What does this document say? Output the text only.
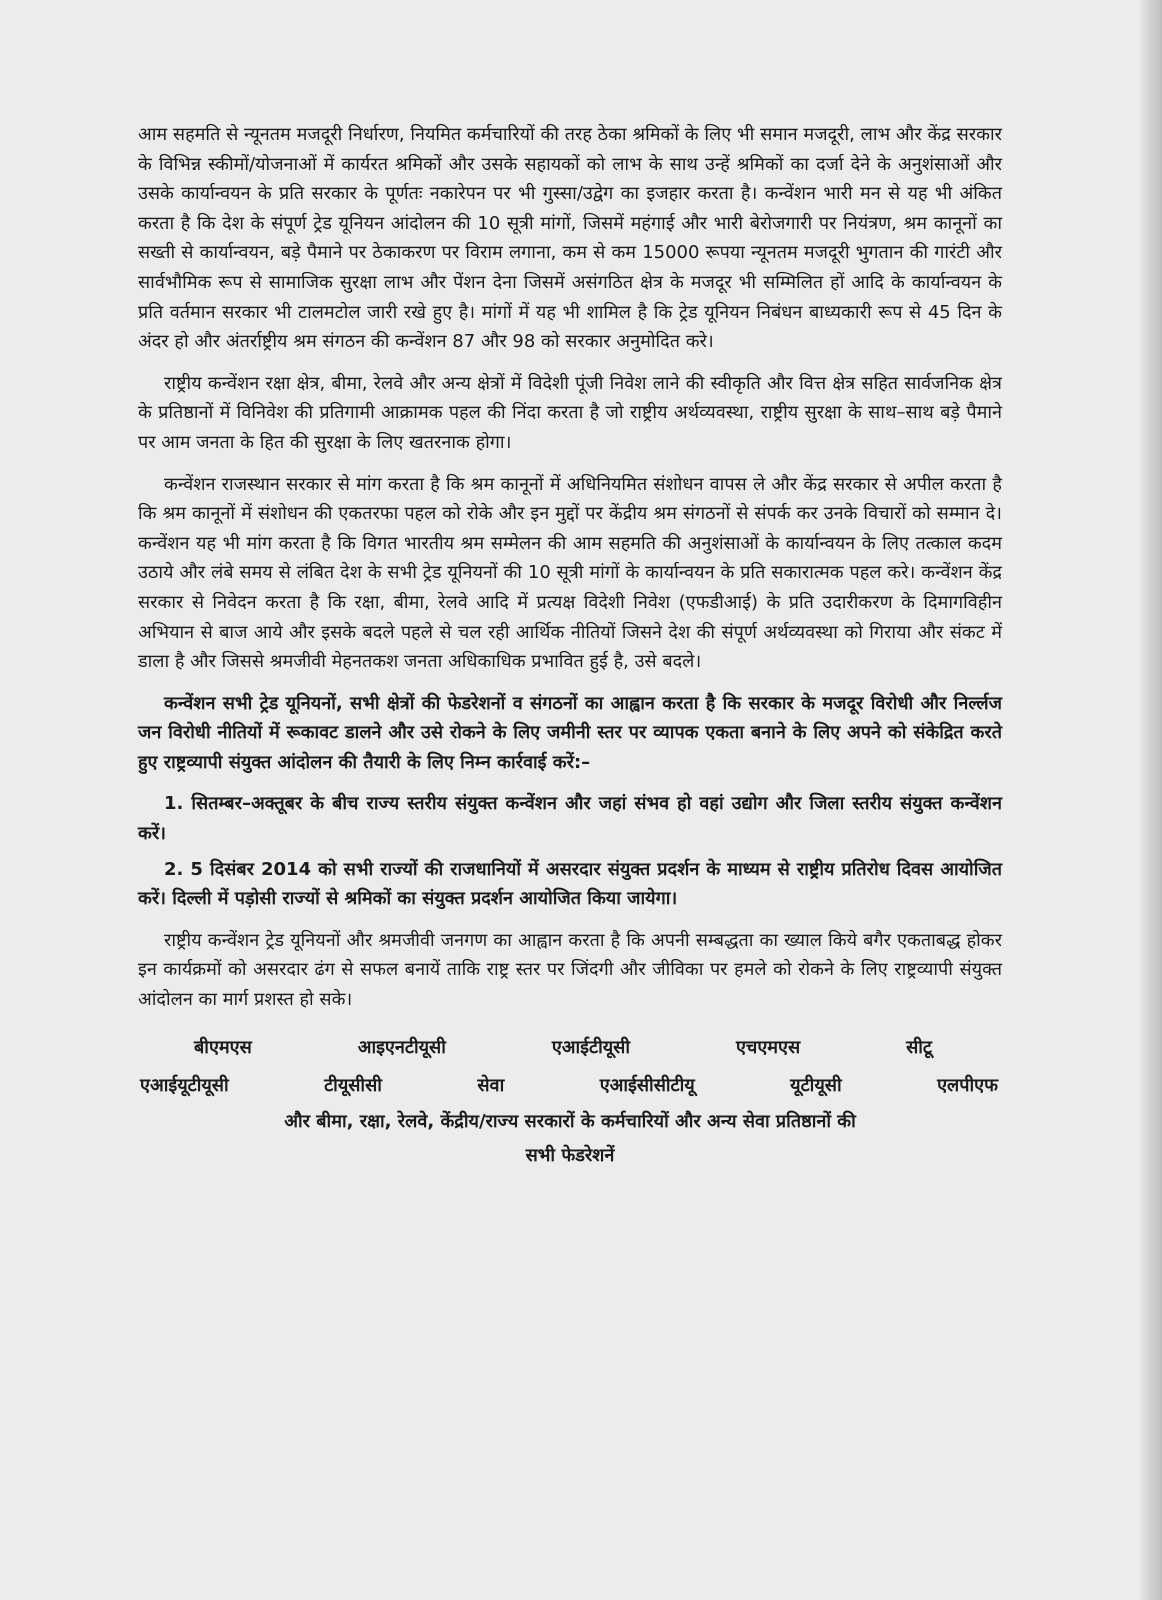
आम सहमति से न्यूनतम मजदूरी निर्धारण, नियमित कर्मचारियों की तरह ठेका श्रमिकों के लिए भी समान मजदूरी, लाभ और केंद्र सरकार के विभिन्न स्कीमों/योजनाओं में कार्यरत श्रमिकों और उसके सहायकों को लाभ के साथ उन्हें श्रमिकों का दर्जा देने के अनुशंसाओं और उसके कार्यान्वयन के प्रति सरकार के पूर्णतः नकारेपन पर भी गुस्सा/उद्वेग का इजहार करता है। कन्वेंशन भारी मन से यह भी अंकित करता है कि देश के संपूर्ण ट्रेड यूनियन आंदोलन की 10 सूत्री मांगों, जिसमें महंगाई और भारी बेरोजगारी पर नियंत्रण, श्रम कानूनों का सख्ती से कार्यान्वयन, बड़े पैमाने पर ठेकाकरण पर विराम लगाना, कम से कम 15000 रूपया न्यूनतम मजदूरी भुगतान की गारंटी और सार्वभौमिक रूप से सामाजिक सुरक्षा लाभ और पेंशन देना जिसमें असंगठित क्षेत्र के मजदूर भी सम्मिलित हों आदि के कार्यान्वयन के प्रति वर्तमान सरकार भी टालमटोल जारी रखे हुए है। मांगों में यह भी शामिल है कि ट्रेड यूनियन निबंधन बाध्यकारी रूप से 45 दिन के अंदर हो और अंतर्राष्ट्रीय श्रम संगठन की कन्वेंशन 87 और 98 को सरकार अनुमोदित करे।

राष्ट्रीय कन्वेंशन रक्षा क्षेत्र, बीमा, रेलवे और अन्य क्षेत्रों में विदेशी पूंजी निवेश लाने की स्वीकृति और वित्त क्षेत्र सहित सार्वजनिक क्षेत्र के प्रतिष्ठानों में विनिवेश की प्रतिगामी आक्रामक पहल की निंदा करता है जो राष्ट्रीय अर्थव्यवस्था, राष्ट्रीय सुरक्षा के साथ–साथ बड़े पैमाने पर आम जनता के हित की सुरक्षा के लिए खतरनाक होगा।

कन्वेंशन राजस्थान सरकार से मांग करता है कि श्रम कानूनों में अधिनियमित संशोधन वापस ले और केंद्र सरकार से अपील करता है कि श्रम कानूनों में संशोधन की एकतरफा पहल को रोके और इन मुद्दों पर केंद्रीय श्रम संगठनों से संपर्क कर उनके विचारों को सम्मान दे। कन्वेंशन यह भी मांग करता है कि विगत भारतीय श्रम सम्मेलन की आम सहमति की अनुशंसाओं के कार्यान्वयन के लिए तत्काल कदम उठाये और लंबे समय से लंबित देश के सभी ट्रेड यूनियनों की 10 सूत्री मांगों के कार्यान्वयन के प्रति सकारात्मक पहल करे। कन्वेंशन केंद्र सरकार से निवेदन करता है कि रक्षा, बीमा, रेलवे आदि में प्रत्यक्ष विदेशी निवेश (एफडीआई) के प्रति उदारीकरण के दिमागविहीन अभियान से बाज आये और इसके बदले पहले से चल रही आर्थिक नीतियों जिसने देश की संपूर्ण अर्थव्यवस्था को गिराया और संकट में डाला है और जिससे श्रमजीवी मेहनतकश जनता अधिकाधिक प्रभावित हुई है, उसे बदले।

कन्वेंशन सभी ट्रेड यूनियनों, सभी क्षेत्रों की फेडरेशनों व संगठनों का आह्वान करता है कि सरकार के मजदूर विरोधी और निर्ल्लज जन विरोधी नीतियों में रूकावट डालने और उसे रोकने के लिए जमीनी स्तर पर व्यापक एकता बनाने के लिए अपने को संकेद्रित करते हुए राष्ट्रव्यापी संयुक्त आंदोलन की तैयारी के लिए निम्न कार्रवाई करें:–

1. सितम्बर–अक्तूबर के बीच राज्य स्तरीय संयुक्त कन्वेंशन और जहां संभव हो वहां उद्योग और जिला स्तरीय संयुक्त कन्वेंशन करें।

2. 5 दिसंबर 2014 को सभी राज्यों की राजधानियों में असरदार संयुक्त प्रदर्शन के माध्यम से राष्ट्रीय प्रतिरोध दिवस आयोजित करें। दिल्ली में पड़ोसी राज्यों से श्रमिकों का संयुक्त प्रदर्शन आयोजित किया जायेगा।

राष्ट्रीय कन्वेंशन ट्रेड यूनियनों और श्रमजीवी जनगण का आह्वान करता है कि अपनी सम्बद्धता का ख्याल किये बगैर एकताबद्ध होकर इन कार्यक्रमों को असरदार ढंग से सफल बनायें ताकि राष्ट्र स्तर पर जिंदगी और जीविका पर हमले को रोकने के लिए राष्ट्रव्यापी संयुक्त आंदोलन का मार्ग प्रशस्त हो सके।

बीएमएस	आइएनटीयूसी	एआईटीयूसी	एचएमएस	सीटू
एआईयूटीयूसी	टीयूसीसी	सेवा	एआईसीसीटीयू	यूटीयूसी	एलपीएफ
और बीमा, रक्षा, रेलवे, केंद्रीय/राज्य सरकारों के कर्मचारियों और अन्य सेवा प्रतिष्ठानों की
सभी फेडरेशनें
